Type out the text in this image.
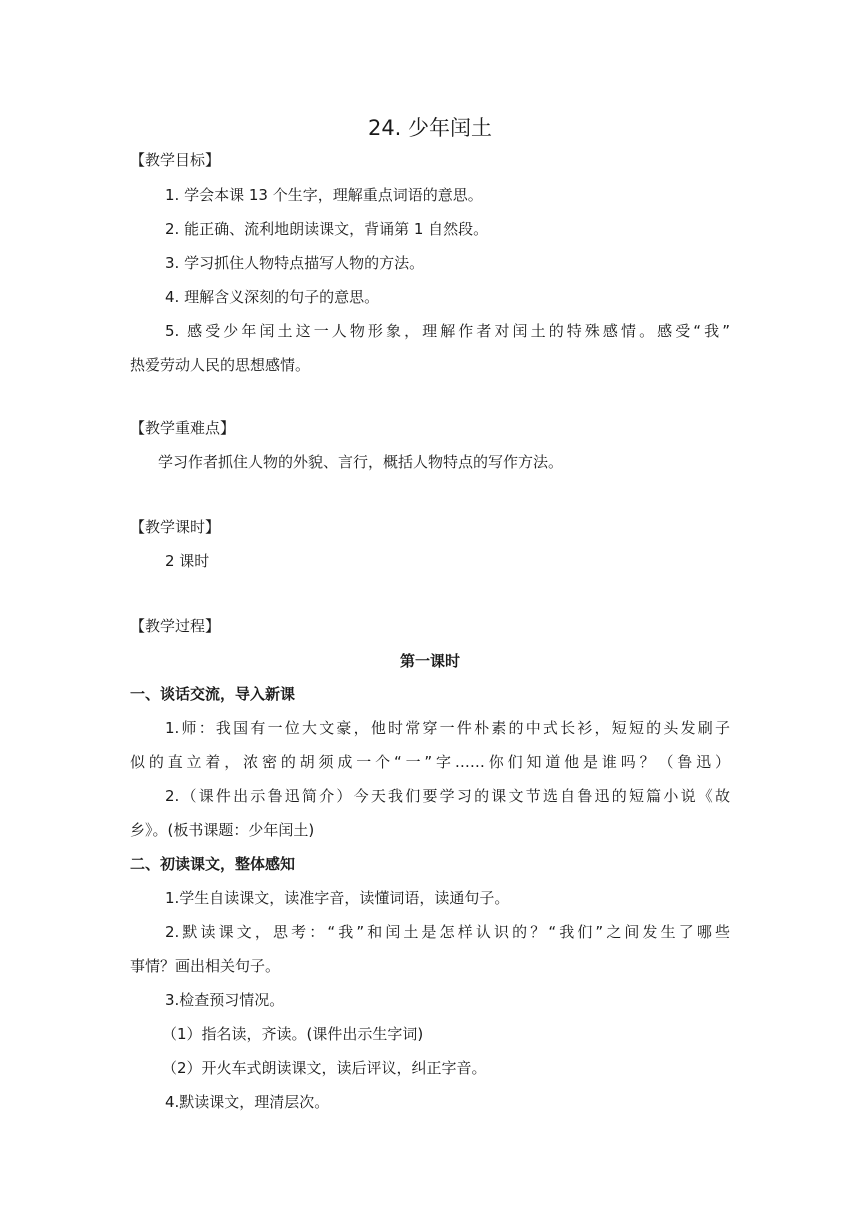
24. 少年闰土
【教学目标】
1. 学会本课 13 个生字，理解重点词语的意思。
2. 能正确、流利地朗读课文，背诵第 1 自然段。
3. 学习抓住人物特点描写人物的方法。
4. 理解含义深刻的句子的意思。
5. 感受少年闰土这一人物形象，理解作者对闰土的特殊感情。感受“我”
热爱劳动人民的思想感情。
【教学重难点】
学习作者抓住人物的外貌、言行，概括人物特点的写作方法。
【教学课时】
2 课时
【教学过程】
第一课时
一、谈话交流，导入新课
1.师：我国有一位大文豪，他时常穿一件朴素的中式长衫，短短的头发刷子
似的直立着，浓密的胡须成一个“一”字……你们知道他是谁吗？（鲁迅）
2.（课件出示鲁迅简介）今天我们要学习的课文节选自鲁迅的短篇小说《故
乡》。(板书课题：少年闰土)
二、初读课文，整体感知
1.学生自读课文，读准字音，读懂词语，读通句子。
2.默读课文，思考：“我”和闰土是怎样认识的？“我们”之间发生了哪些
事情？画出相关句子。
3.检查预习情况。
（1）指名读，齐读。(课件出示生字词)
（2）开火车式朗读课文，读后评议，纠正字音。
4.默读课文，理清层次。
